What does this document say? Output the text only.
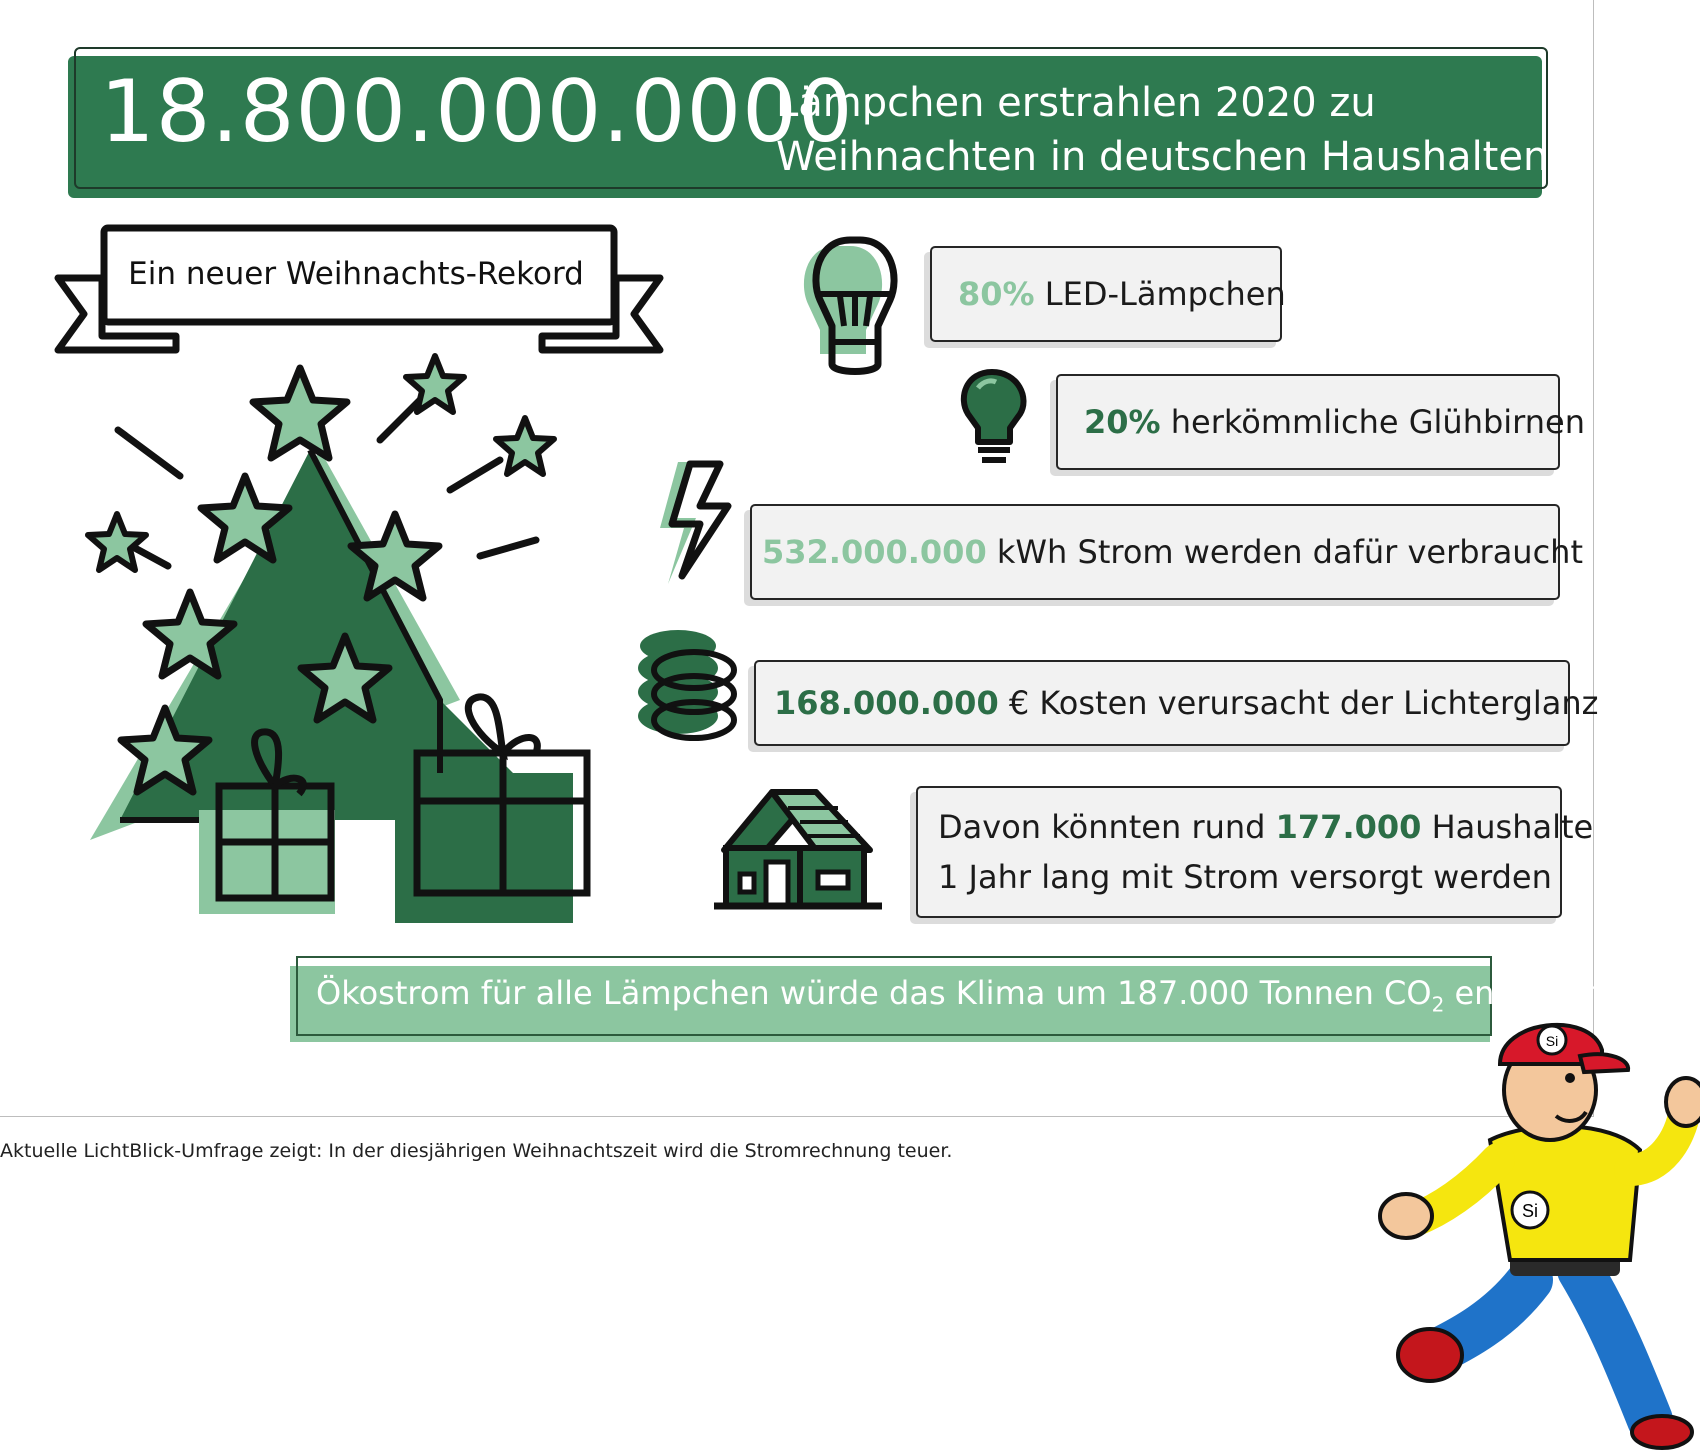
18.800.000.0000
Lämpchen erstrahlen 2020 zu
Weihnachten in deutschen Haushalten
Ein neuer Weihnachts-Rekord
80%
LED-Lämpchen
20%
herkömmliche Glühbirnen
532.000.000
kWh Strom werden dafür verbraucht
168.000.000
€ Kosten verursacht der Lichterglanz
Davon könnten rund 177.000 Haushalte
1 Jahr lang mit Strom versorgt werden
Ökostrom für alle Lämpchen würde das Klima um 187.000 Tonnen $CO_2$ entlasten
Aktuelle LichtBlick-Umfrage zeigt: In der diesjährigen Weihnachtszeit wird die Stromrechnung teuer.
Si
Si
